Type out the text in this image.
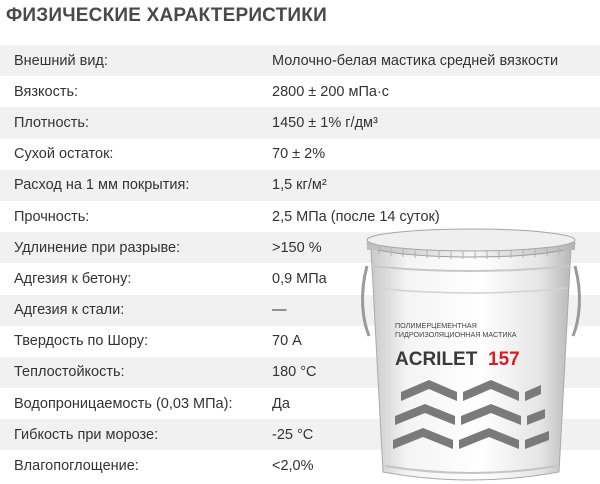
ФИЗИЧЕСКИЕ ХАРАКТЕРИСТИКИ
Внешний вид:	Молочно-белая мастика средней вязкости
Вязкость:	2800 ± 200 мПа·с
Плотность:	1450 ± 1% г/дм³
Сухой остаток:	70 ± 2%
Расход на 1 мм покрытия:	1,5 кг/м²
Прочность:	2,5 МПа (после 14 суток)
Удлинение при разрыве:	>150 %
Адгезия к бетону:	0,9 МПа
Адгезия к стали:	—
Твердость по Шору:	70 А
Теплостойкость:	180 °С
Водопроницаемость (0,03 МПа):	Да
Гибкость при морозе:	-25 °С
Влагопоглощение:	<2,0%
ПОЛИМЕРЦЕМЕНТНАЯ
ГИДРОИЗОЛЯЦИОННАЯ МАСТИКА
ACRILET 157
